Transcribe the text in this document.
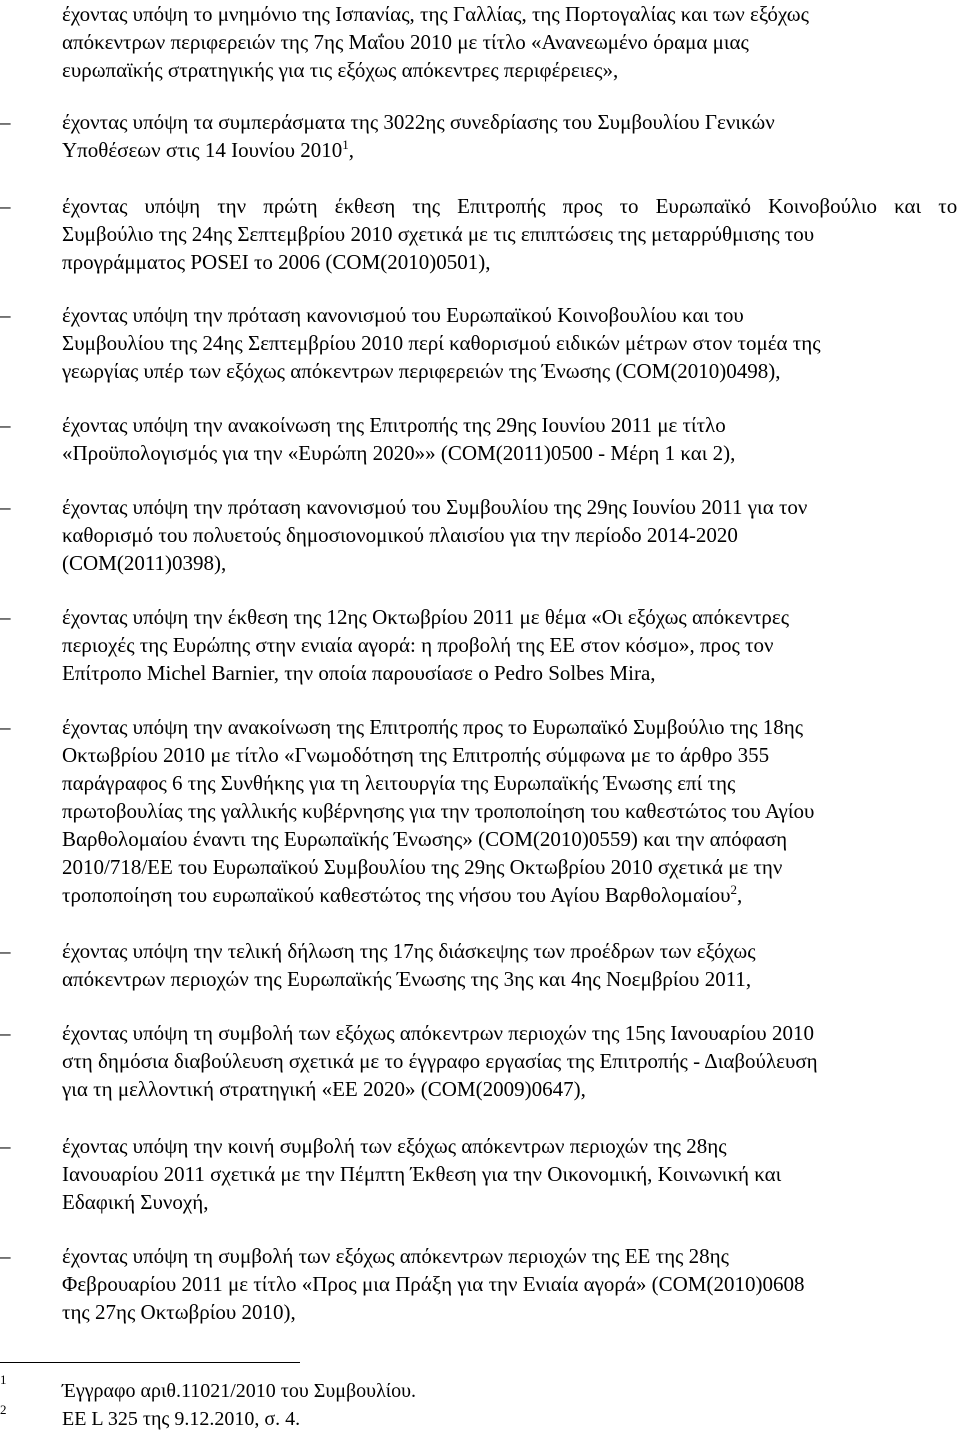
έχοντας υπόψη το μνημόνιο της Ισπανίας, της Γαλλίας, της Πορτογαλίας και των εξόχως

απόκεντρων περιφερειών της 7ης Μαΐου 2010 με τίτλο «Ανανεωμένο όραμα μιας

ευρωπαϊκής στρατηγικής για τις εξόχως απόκεντρες περιφέρειες»,

–	έχοντας υπόψη τα συμπεράσματα της 3022ης συνεδρίασης του Συμβουλίου Γενικών

Υποθέσεων στις 14 Ιουνίου 2010$^1$,

–	έχοντας υπόψη την πρώτη έκθεση της Επιτροπής προς το Ευρωπαϊκό Κοινοβούλιο και το

Συμβούλιο της 24ης Σεπτεμβρίου 2010 σχετικά με τις επιπτώσεις της μεταρρύθμισης του

προγράμματος POSEI το 2006 (COM(2010)0501),

–	έχοντας υπόψη την πρόταση κανονισμού του Ευρωπαϊκού Κοινοβουλίου και του

Συμβουλίου της 24ης Σεπτεμβρίου 2010 περί καθορισμού ειδικών μέτρων στον τομέα της

γεωργίας υπέρ των εξόχως απόκεντρων περιφερειών της Ένωσης (COM(2010)0498),

–	έχοντας υπόψη την ανακοίνωση της Επιτροπής της 29ης Ιουνίου 2011 με τίτλο

«Προϋπολογισμός για την «Ευρώπη 2020»» (COM(2011)0500 - Μέρη 1 και 2),

–	έχοντας υπόψη την πρόταση κανονισμού του Συμβουλίου της 29ης Ιουνίου 2011 για τον

καθορισμό του πολυετούς δημοσιονομικού πλαισίου για την περίοδο 2014-2020

(COM(2011)0398),

–	έχοντας υπόψη την έκθεση της 12ης Οκτωβρίου 2011 με θέμα «Οι εξόχως απόκεντρες

περιοχές της Ευρώπης στην ενιαία αγορά: η προβολή της ΕΕ στον κόσμο», προς τον

Επίτροπο Michel Barnier, την οποία παρουσίασε ο Pedro Solbes Mira,

–	έχοντας υπόψη την ανακοίνωση της Επιτροπής προς το Ευρωπαϊκό Συμβούλιο της 18ης

Οκτωβρίου 2010 με τίτλο «Γνωμοδότηση της Επιτροπής σύμφωνα με το άρθρο 355

παράγραφος 6 της Συνθήκης για τη λειτουργία της Ευρωπαϊκής Ένωσης επί της

πρωτοβουλίας της γαλλικής κυβέρνησης για την τροποποίηση του καθεστώτος του Αγίου

Βαρθολομαίου έναντι της Ευρωπαϊκής Ένωσης» (COM(2010)0559) και την απόφαση

2010/718/ΕΕ του Ευρωπαϊκού Συμβουλίου της 29ης Οκτωβρίου 2010 σχετικά με την

τροποποίηση του ευρωπαϊκού καθεστώτος της νήσου του Αγίου Βαρθολομαίου$^2$,

–	έχοντας υπόψη την τελική δήλωση της 17ης διάσκεψης των προέδρων των εξόχως

απόκεντρων περιοχών της Ευρωπαϊκής Ένωσης της 3ης και 4ης Νοεμβρίου 2011,

–	έχοντας υπόψη τη συμβολή των εξόχως απόκεντρων περιοχών της 15ης Ιανουαρίου 2010

στη δημόσια διαβούλευση σχετικά με το έγγραφο εργασίας της Επιτροπής - Διαβούλευση

για τη μελλοντική στρατηγική «ΕΕ 2020» (COM(2009)0647),

–	έχοντας υπόψη την κοινή συμβολή των εξόχως απόκεντρων περιοχών της 28ης

Ιανουαρίου 2011 σχετικά με την Πέμπτη Έκθεση για την Οικονομική, Κοινωνική και

Εδαφική Συνοχή,

–	έχοντας υπόψη τη συμβολή των εξόχως απόκεντρων περιοχών της ΕΕ της 28ης

Φεβρουαρίου 2011 με τίτλο «Προς μια Πράξη για την Ενιαία αγορά» (COM(2010)0608

της 27ης Οκτωβρίου 2010),

1
Έγγραφο αριθ.11021/2010 του Συμβουλίου.
2	ΕΕ L 325 της 9.12.2010, σ. 4.
